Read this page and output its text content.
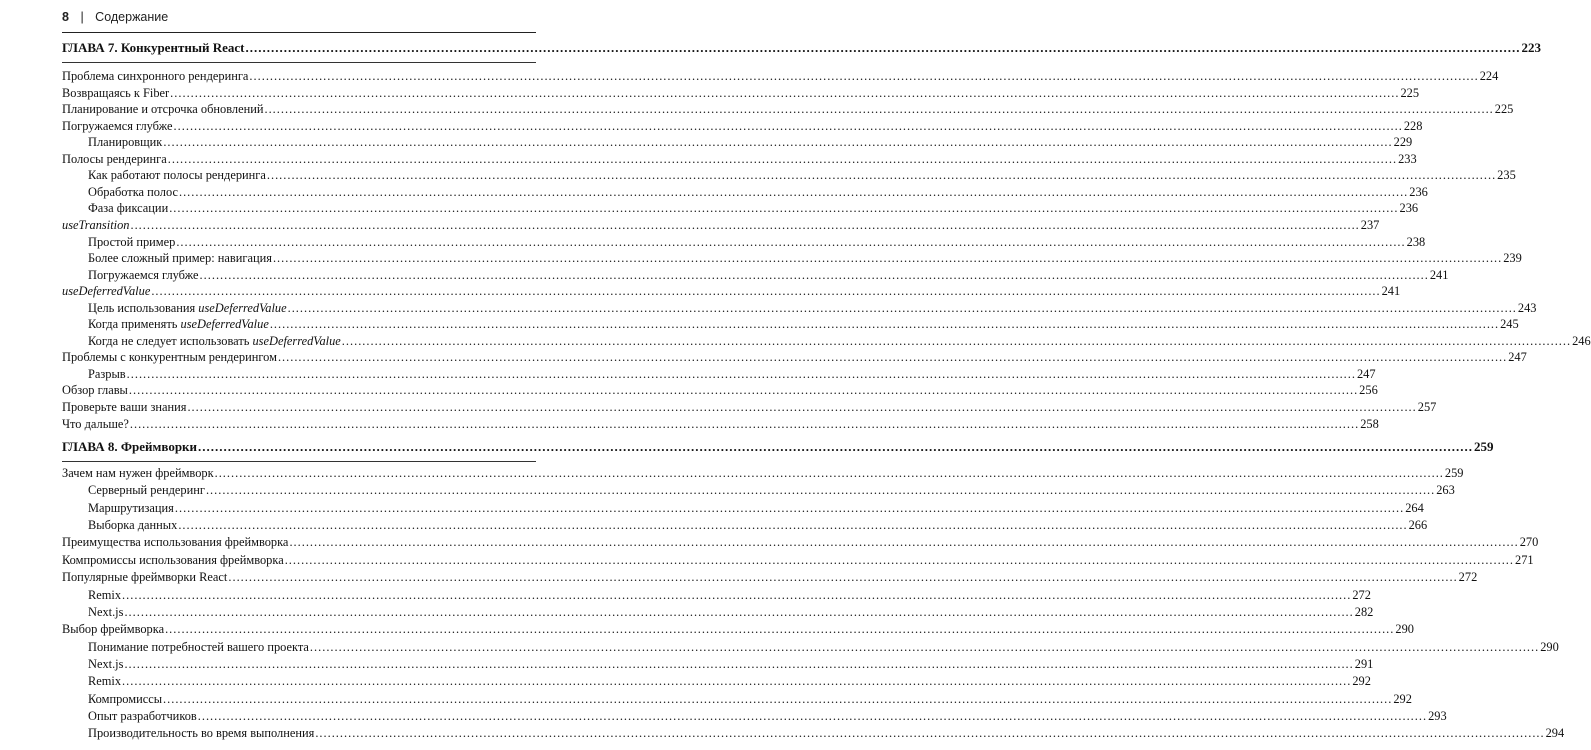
8 | Содержание
ГЛАВА 7. Конкурентный React ............................................................................................................................................................................................................................................................................................................ 223
Проблема синхронного рендеринга ............................................................................................................................................................................................................................................................................................................ 224
Возвращаясь к Fiber ............................................................................................................................................................................................................................................................................................................ 225
Планирование и отсрочка обновлений ............................................................................................................................................................................................................................................................................................................ 225
Погружаемся глубже ............................................................................................................................................................................................................................................................................................................ 228
Планировщик ............................................................................................................................................................................................................................................................................................................ 229
Полосы рендеринга ............................................................................................................................................................................................................................................................................................................ 233
Как работают полосы рендеринга ............................................................................................................................................................................................................................................................................................................ 235
Обработка полос ............................................................................................................................................................................................................................................................................................................ 236
Фаза фиксации ............................................................................................................................................................................................................................................................................................................ 236
useTransition ............................................................................................................................................................................................................................................................................................................ 237
Простой пример ............................................................................................................................................................................................................................................................................................................ 238
Более сложный пример: навигация ............................................................................................................................................................................................................................................................................................................ 239
Погружаемся глубже ............................................................................................................................................................................................................................................................................................................ 241
useDeferredValue ............................................................................................................................................................................................................................................................................................................ 241
Цель использования useDeferredValue ............................................................................................................................................................................................................................................................................................................ 243
Когда применять useDeferredValue ............................................................................................................................................................................................................................................................................................................ 245
Когда не следует использовать useDeferredValue ............................................................................................................................................................................................................................................................................................................ 246
Проблемы с конкурентным рендерингом ............................................................................................................................................................................................................................................................................................................ 247
Разрыв ............................................................................................................................................................................................................................................................................................................ 247
Обзор главы ............................................................................................................................................................................................................................................................................................................ 256
Проверьте ваши знания ............................................................................................................................................................................................................................................................................................................ 257
Что дальше? ............................................................................................................................................................................................................................................................................................................ 258
ГЛАВА 8. Фреймворки ............................................................................................................................................................................................................................................................................................................ 259
Зачем нам нужен фреймворк ............................................................................................................................................................................................................................................................................................................ 259
Серверный рендеринг ............................................................................................................................................................................................................................................................................................................ 263
Маршрутизация ............................................................................................................................................................................................................................................................................................................ 264
Выборка данных ............................................................................................................................................................................................................................................................................................................ 266
Преимущества использования фреймворка ............................................................................................................................................................................................................................................................................................................ 270
Компромиссы использования фреймворка ............................................................................................................................................................................................................................................................................................................ 271
Популярные фреймворки React ............................................................................................................................................................................................................................................................................................................ 272
Remix ............................................................................................................................................................................................................................................................................................................ 272
Next.js ............................................................................................................................................................................................................................................................................................................ 282
Выбор фреймворка ............................................................................................................................................................................................................................................................................................................ 290
Понимание потребностей вашего проекта ............................................................................................................................................................................................................................................................................................................ 290
Next.js ............................................................................................................................................................................................................................................................................................................ 291
Remix ............................................................................................................................................................................................................................................................................................................ 292
Компромиссы ............................................................................................................................................................................................................................................................................................................ 292
Опыт разработчиков ............................................................................................................................................................................................................................................................................................................ 293
Производительность во время выполнения ............................................................................................................................................................................................................................................................................................................ 294
